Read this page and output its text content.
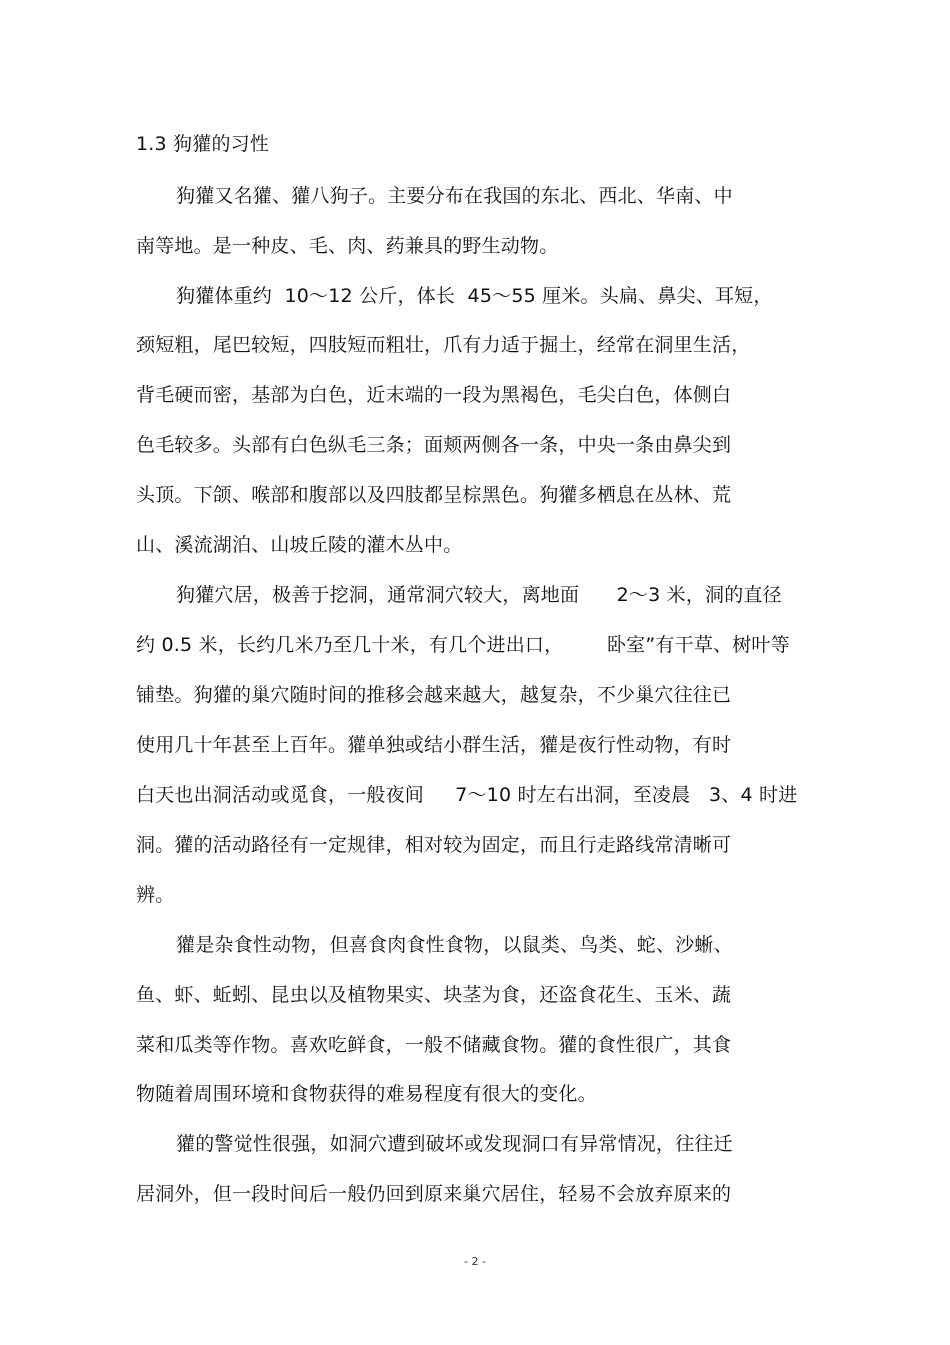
1.3 狗獾的习性
狗獾又名獾、獾八狗子。主要分布在我国的东北、西北、华南、中
南等地。是一种皮、毛、肉、药兼具的野生动物。
狗獾体重约  10～12 公斤，体长  45～55 厘米。头扁、鼻尖、耳短，
颈短粗，尾巴较短，四肢短而粗壮，爪有力适于掘土，经常在洞里生活，
背毛硬而密，基部为白色，近末端的一段为黑褐色，毛尖白色，体侧白
色毛较多。头部有白色纵毛三条；面颊两侧各一条，中央一条由鼻尖到
头顶。下颌、喉部和腹部以及四肢都呈棕黑色。狗獾多栖息在丛林、荒
山、溪流湖泊、山坡丘陵的灌木丛中。
狗獾穴居，极善于挖洞，通常洞穴较大，离地面      2～3 米，洞的直径
约 0.5 米，长约几米乃至几十米，有几个进出口，       卧室”有干草、树叶等
铺垫。狗獾的巢穴随时间的推移会越来越大，越复杂，不少巢穴往往已
使用几十年甚至上百年。獾单独或结小群生活，獾是夜行性动物，有时
白天也出洞活动或觅食，一般夜间     7～10 时左右出洞，至凌晨   3、4 时进
洞。獾的活动路径有一定规律，相对较为固定，而且行走路线常清晰可
辨。
獾是杂食性动物，但喜食肉食性食物，以鼠类、鸟类、蛇、沙蜥、
鱼、虾、蚯蚓、昆虫以及植物果实、块茎为食，还盗食花生、玉米、蔬
菜和瓜类等作物。喜欢吃鲜食，一般不储藏食物。獾的食性很广，其食
物随着周围环境和食物获得的难易程度有很大的变化。
獾的警觉性很强，如洞穴遭到破坏或发现洞口有异常情况，往往迁
居洞外，但一段时间后一般仍回到原来巢穴居住，轻易不会放弃原来的
- 2 -
